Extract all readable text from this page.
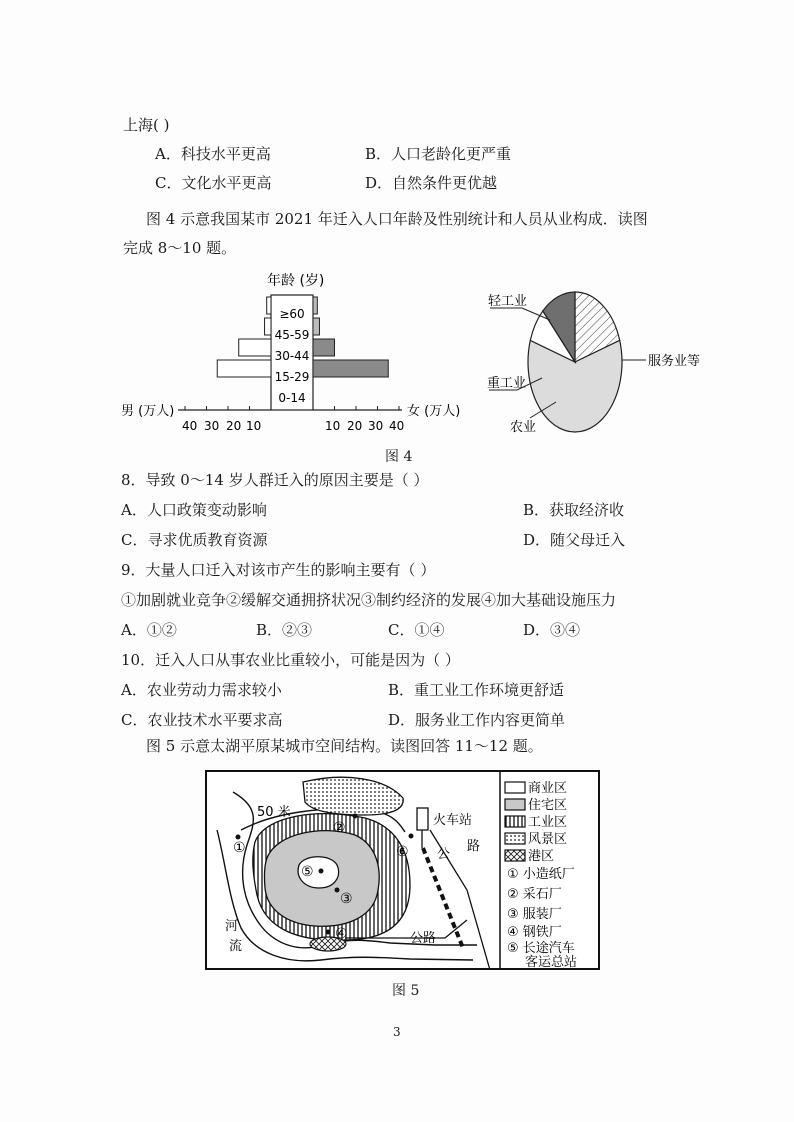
上海( )
A．科技水平更高	B．人口老龄化更严重
C．文化水平更高	D．自然条件更优越
图 4 示意我国某市 2021 年迁入人口年龄及性别统计和人员从业构成．读图
完成 8～10 题。
年龄 (岁)
≥60
45-59
30-44
15-29
0-14
男 (万人)	女 (万人)
40 30 20 10	10 20 30 40
轻工业
服务业等
重工业
农业
图 4
8．导致 0～14 岁人群迁入的原因主要是（ ）
A．人口政策变动影响	B．获取经济收
C．寻求优质教育资源	D．随父母迁入
9．大量人口迁入对该市产生的影响主要有（ ）
①加剧就业竞争②缓解交通拥挤状况③制约经济的发展④加大基础设施压力
A．①②	B．②③	C．①④	D．③④
10．迁入人口从事农业比重较小，可能是因为（ ）
A．农业劳动力需求较小	B．重工业工作环境更舒适
C．农业技术水平要求高	D．服务业工作内容更简单
图 5 示意太湖平原某城市空间结构。读图回答 11～12 题。
50 米
火车站
公
路
公路
河
流
①
②
③
④
⑤
⑥
商业区
住宅区
工业区
风景区
港区
① 小造纸厂
② 采石厂
③ 服装厂
④ 钢铁厂
⑤ 长途汽车
客运总站
图 5
3
